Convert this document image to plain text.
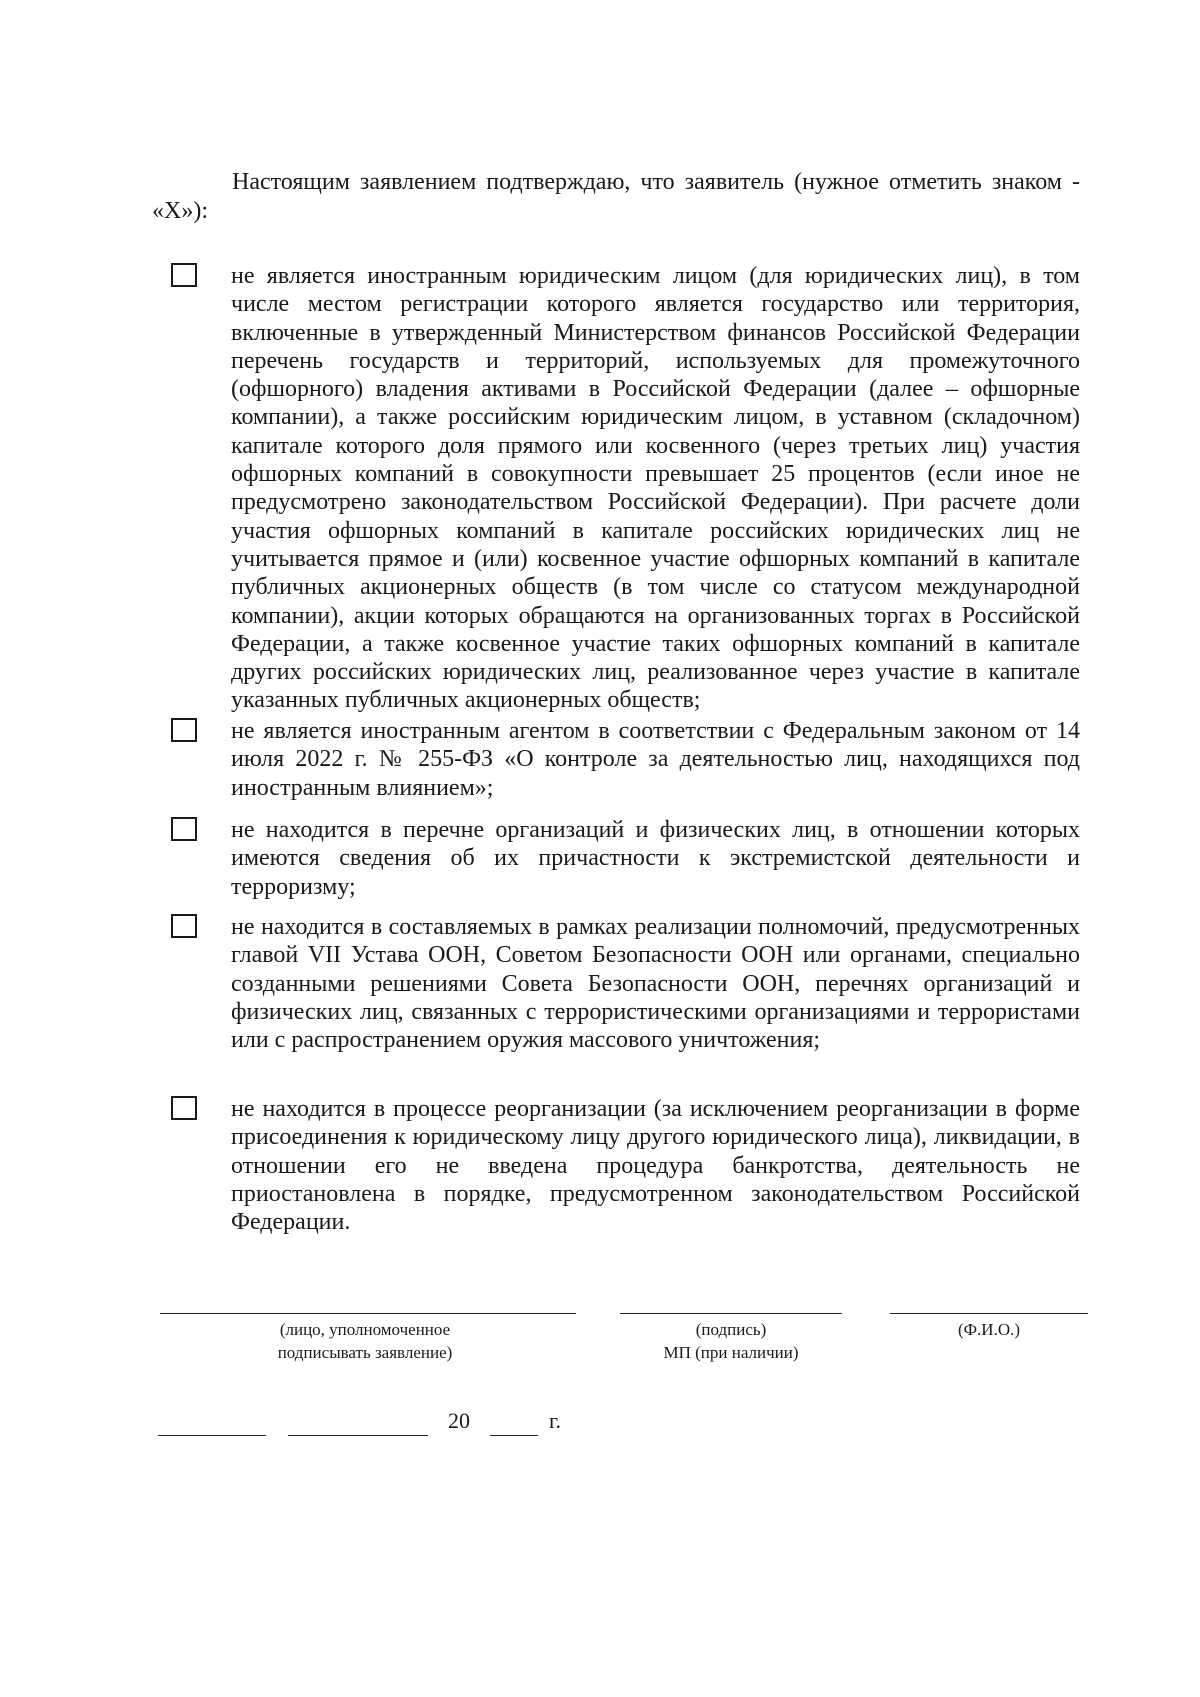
Настоящим заявлением подтверждаю, что заявитель (нужное отметить знаком - «Х»):

не является иностранным юридическим лицом (для юридических лиц), в том числе местом регистрации которого является государство или территория, включенные в утвержденный Министерством финансов Российской Федерации перечень государств и территорий, используемых для промежуточного (офшорного) владения активами в Российской Федерации (далее – офшорные компании), а также российским юридическим лицом, в уставном (складочном) капитале которого доля прямого или косвенного (через третьих лиц) участия офшорных компаний в совокупности превышает 25 процентов (если иное не предусмотрено законодательством Российской Федерации). При расчете доли участия офшорных компаний в капитале российских юридических лиц не учитывается прямое и (или) косвенное участие офшорных компаний в капитале публичных акционерных обществ (в том числе со статусом международной компании), акции которых обращаются на организованных торгах в Российской Федерации, а также косвенное участие таких офшорных компаний в капитале других российских юридических лиц, реализованное через участие в капитале указанных публичных акционерных обществ;

не является иностранным агентом в соответствии с Федеральным законом от 14 июля 2022 г. № 255-ФЗ «О контроле за деятельностью лиц, находящихся под иностранным влиянием»;

не находится в перечне организаций и физических лиц, в отношении которых имеются сведения об их причастности к экстремистской деятельности и терроризму;

не находится в составляемых в рамках реализации полномочий, предусмотренных главой VII Устава ООН, Советом Безопасности ООН или органами, специально созданными решениями Совета Безопасности ООН, перечнях организаций и физических лиц, связанных с террористическими организациями и террористами или с распространением оружия массового уничтожения;

не находится в процессе реорганизации (за исключением реорганизации в форме присоединения к юридическому лицу другого юридического лица), ликвидации, в отношении его не введена процедура банкротства, деятельность не приостановлена в порядке, предусмотренном законодательством Российской Федерации.

(лицо, уполномоченное
подписывать заявление)
(подпись)
МП (при наличии)
(Ф.И.О.)
20	г.
